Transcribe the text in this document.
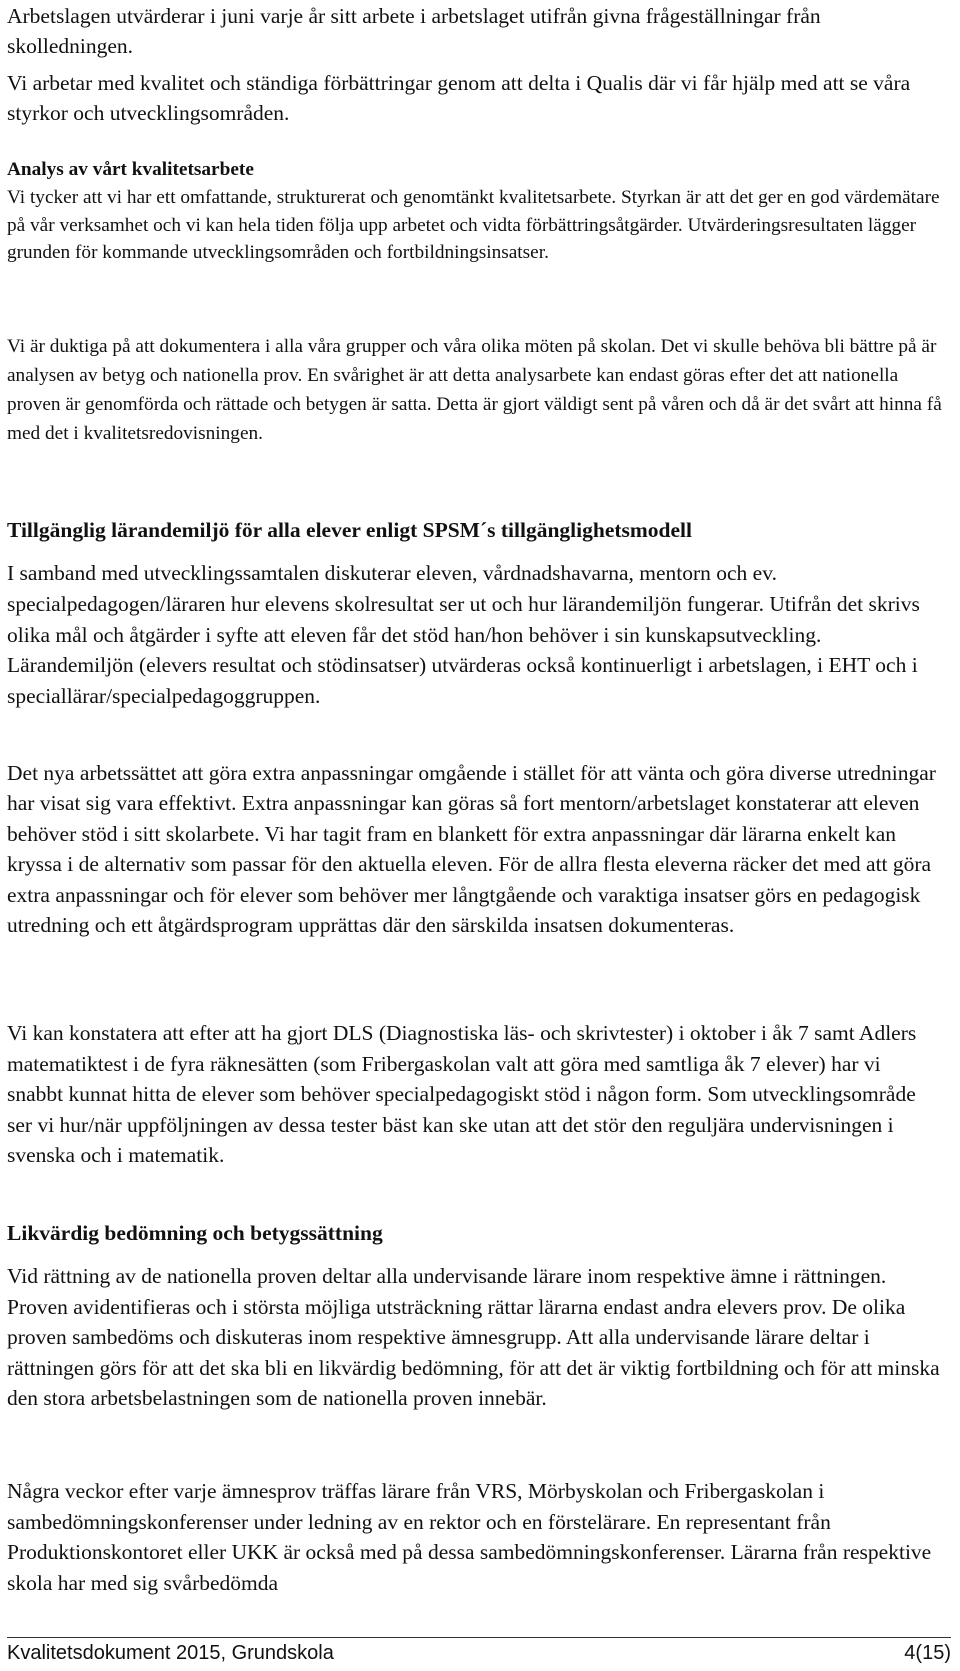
Arbetslagen utvärderar i juni varje år sitt arbete i arbetslaget utifrån givna frågeställningar från skolledningen.

Vi arbetar med kvalitet och ständiga förbättringar genom att delta i Qualis där vi får hjälp med att se våra styrkor och utvecklingsområden.

Analys av vårt kvalitetsarbete

Vi tycker att vi har ett omfattande, strukturerat och genomtänkt kvalitetsarbete. Styrkan är att det ger en god värdemätare på vår verksamhet och vi kan hela tiden följa upp arbetet och vidta förbättringsåtgärder. Utvärderingsresultaten lägger grunden för kommande utvecklingsområden och fortbildningsinsatser.

Vi är duktiga på att dokumentera i alla våra grupper och våra olika möten på skolan. Det vi skulle behöva bli bättre på är analysen av betyg och nationella prov. En svårighet är att detta analysarbete kan endast göras efter det att nationella proven är genomförda och rättade och betygen är satta. Detta är gjort väldigt sent på våren och då är det svårt att hinna få med det i kvalitetsredovisningen.

Tillgänglig lärandemiljö för alla elever enligt SPSM´s tillgänglighetsmodell

I samband med utvecklingssamtalen diskuterar eleven, vårdnadshavarna, mentorn och ev. specialpedagogen/läraren hur elevens skolresultat ser ut och hur lärandemiljön fungerar. Utifrån det skrivs olika mål och åtgärder i syfte att eleven får det stöd han/hon behöver i sin kunskapsutveckling. Lärandemiljön (elevers resultat och stödinsatser) utvärderas också kontinuerligt i arbetslagen, i EHT och i speciallärar/specialpedagoggruppen.

Det nya arbetssättet att göra extra anpassningar omgående i stället för att vänta och göra diverse utredningar har visat sig vara effektivt. Extra anpassningar kan göras så fort mentorn/arbetslaget konstaterar att eleven behöver stöd i sitt skolarbete. Vi har tagit fram en blankett för extra anpassningar där lärarna enkelt kan kryssa i de alternativ som passar för den aktuella eleven. För de allra flesta eleverna räcker det med att göra extra anpassningar och för elever som behöver mer långtgående och varaktiga insatser görs en pedagogisk utredning och ett åtgärdsprogram upprättas där den särskilda insatsen dokumenteras.

Vi kan konstatera att efter att ha gjort DLS (Diagnostiska läs- och skrivtester) i oktober i åk 7 samt Adlers matematiktest i de fyra räknesätten (som Fribergaskolan valt att göra med samtliga åk 7 elever) har vi snabbt kunnat hitta de elever som behöver specialpedagogiskt stöd i någon form. Som utvecklingsområde ser vi hur/när uppföljningen av dessa tester bäst kan ske utan att det stör den reguljära undervisningen i svenska och i matematik.

Likvärdig bedömning och betygssättning

Vid rättning av de nationella proven deltar alla undervisande lärare inom respektive ämne i rättningen. Proven avidentifieras och i största möjliga utsträckning rättar lärarna endast andra elevers prov. De olika proven sambedöms och diskuteras inom respektive ämnesgrupp. Att alla undervisande lärare deltar i rättningen görs för att det ska bli en likvärdig bedömning, för att det är viktig fortbildning och för att minska den stora arbetsbelastningen som de nationella proven innebär.

Några veckor efter varje ämnesprov träffas lärare från VRS, Mörbyskolan och Fribergaskolan i sambedömningskonferenser under ledning av en rektor och en förstelärare. En representant från Produktionskontoret eller UKK är också med på dessa sambedömningskonferenser. Lärarna från respektive skola har med sig svårbedömda

Kvalitetsdokument 2015, Grundskola	4(15)
